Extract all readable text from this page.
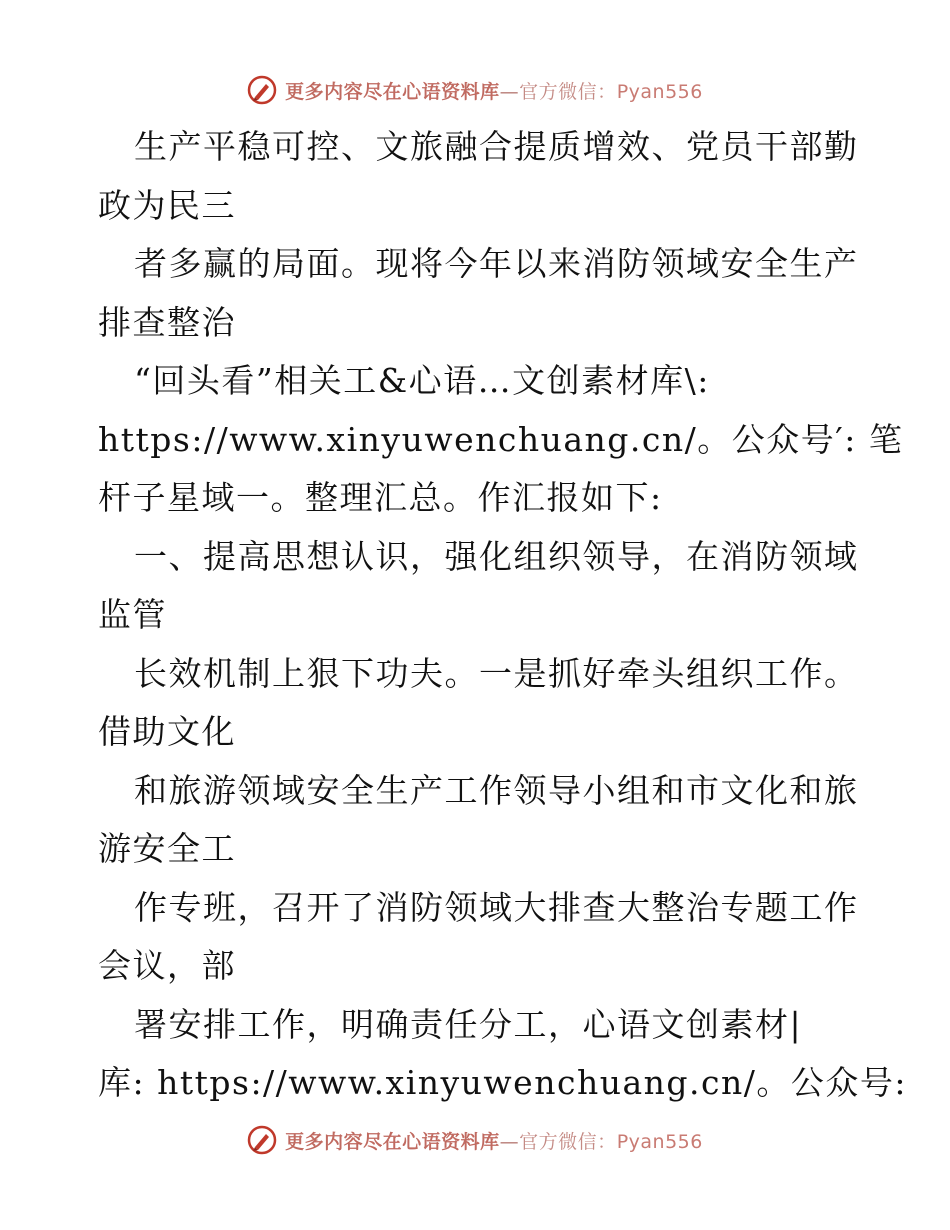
更多内容尽在心语资料库—官方微信：Pyan556
生产平稳可控、文旅融合提质增效、党员干部勤
政为民三
者多赢的局面。现将今年以来消防领域安全生产
排查整治
“回头看”相关工&心语…文创素材库\:
https://www.xinyuwenchuang.cn/。公众号′: 笔
杆子星域一。整理汇总。作汇报如下:
一、提高思想认识，强化组织领导，在消防领域
监管
长效机制上狠下功夫。一是抓好牵头组织工作。
借助文化
和旅游领域安全生产工作领导小组和市文化和旅
游安全工
作专班，召开了消防领域大排查大整治专题工作
会议，部
署安排工作，明确责任分工，心语文创素材|
库: https://www.xinyuwenchuang.cn/。公众号:
更多内容尽在心语资料库—官方微信：Pyan556
